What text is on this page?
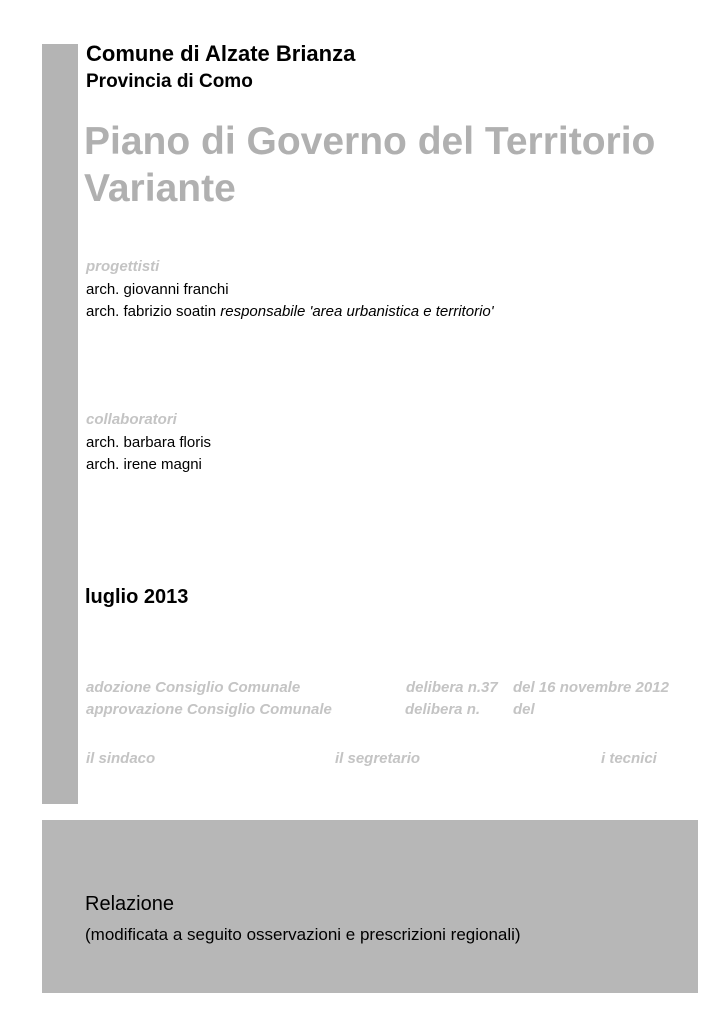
Comune di Alzate Brianza
Provincia di Como
Piano di Governo del Territorio
Variante
progettisti
arch. giovanni franchi
arch. fabrizio soatin responsabile 'area urbanistica e territorio'
collaboratori
arch. barbara floris
arch. irene magni
luglio 2013
adozione Consiglio Comunale	delibera n.37 del 16 novembre 2012
approvazione Consiglio Comunale	delibera n. del
il sindaco	il segretario	i tecnici
Relazione
(modificata a seguito osservazioni e prescrizioni regionali)
